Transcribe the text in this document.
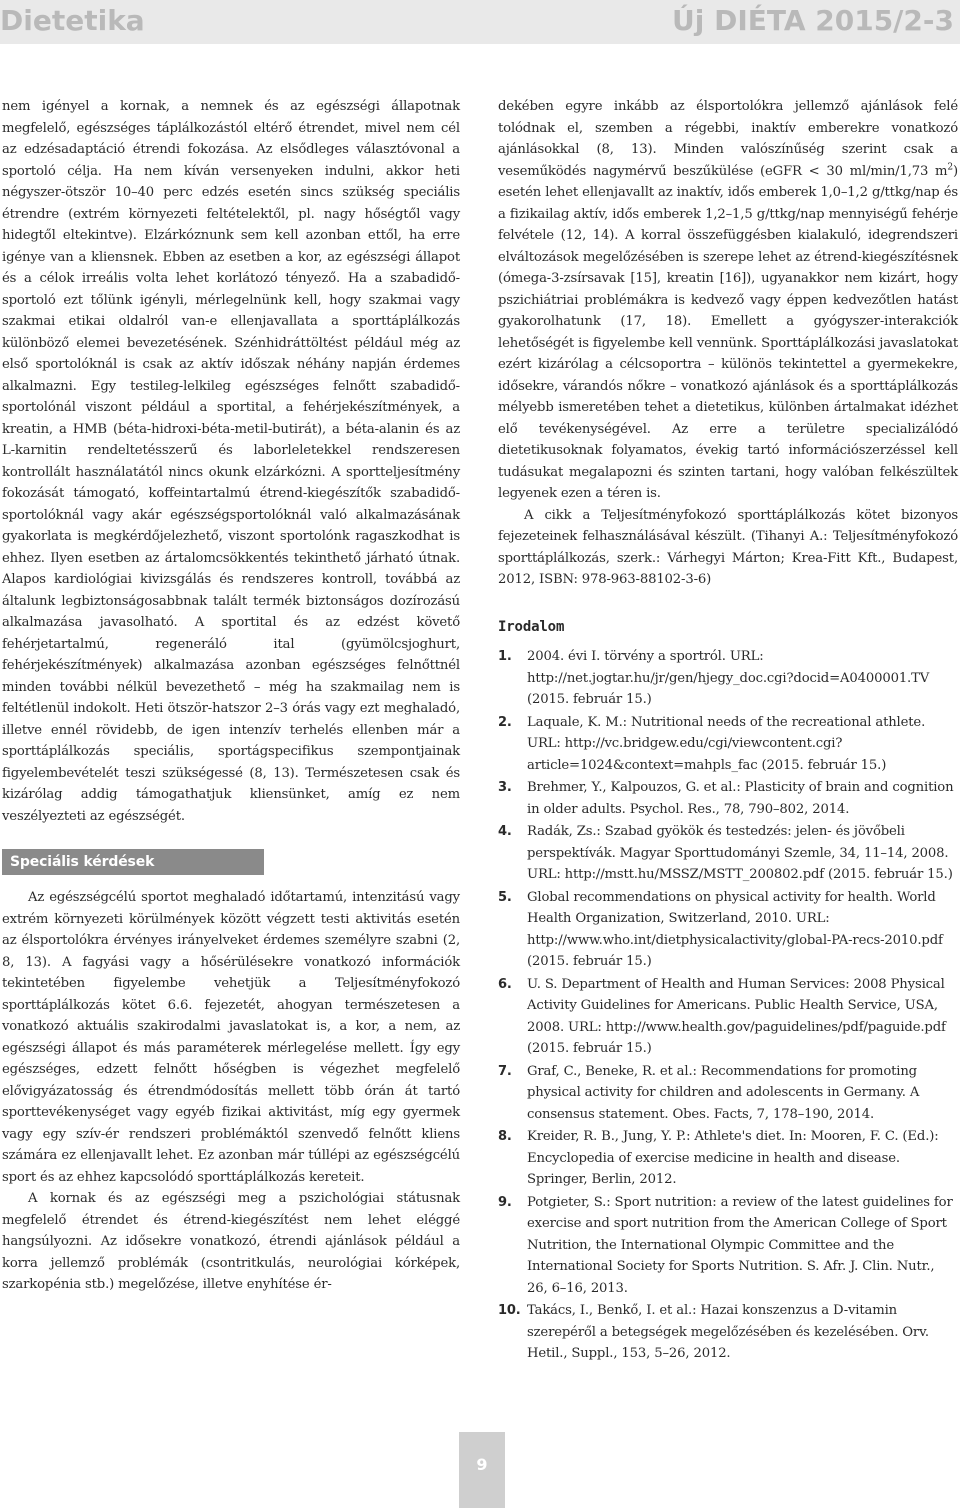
Dietetika	Új DIÉTA 2015/2-3

nem igényel a kornak, a nemnek és az egészségi állapotnak megfelelő, egészséges táplálkozástól eltérő étrendet, mivel nem cél az edzésadaptáció étrendi fokozása. Az elsődleges választóvonal a sportoló célja. Ha nem kíván versenyeken indulni, akkor heti négyszer-ötször 10–40 perc edzés esetén sincs szükség speciális étrendre (extrém környezeti feltételektől, pl. nagy hőségtől vagy hidegtől eltekintve). Elzárkóznunk sem kell azonban ettől, ha erre igénye van a kliensnek. Ebben az esetben a kor, az egészségi állapot és a célok irreális volta lehet korlátozó tényező. Ha a szabadidő-sportoló ezt tőlünk igényli, mérlegelnünk kell, hogy szakmai vagy szakmai etikai oldalról van-e ellenjavallata a sporttáplálkozás különböző elemei bevezetésének. Szénhidráttöltést például még az első sportolóknál is csak az aktív időszak néhány napján érdemes alkalmazni. Egy testileg-lelkileg egészséges felnőtt szabadidő-sportolónál viszont például a sportital, a fehérjekészítmények, a kreatin, a HMB (béta-hidroxi-béta-metil-butirát), a béta-alanin és az L-karnitin rendeltetésszerű és laborleletekkel rendszeresen kontrollált használatától nincs okunk elzárkózni. A sportteljesítmény fokozását támogató, koffeintartalmú étrend-kiegészítők szabadidő-sportolóknál vagy akár egészségsportolóknál való alkalmazásának gyakorlata is megkérdőjelezhető, viszont sportolónk ragaszkodhat is ehhez. Ilyen esetben az ártalomcsökkentés tekinthető járható útnak. Alapos kardiológiai kivizsgálás és rendszeres kontroll, továbbá az általunk legbiztonságosabbnak talált termék biztonságos dozírozású alkalmazása javasolható. A sportital és az edzést követő fehérjetartalmú, regeneráló ital (gyümölcsjoghurt, fehérjekészítmények) alkalmazása azonban egészséges felnőttnél minden további nélkül bevezethető – még ha szakmailag nem is feltétlenül indokolt. Heti ötször-hatszor 2–3 órás vagy ezt meghaladó, illetve ennél rövidebb, de igen intenzív terhelés ellenben már a sporttáplálkozás speciális, sportágspecifikus szempontjainak figyelembevételét teszi szükségessé (8, 13). Természetesen csak és kizárólag addig támogathatjuk kliensünket, amíg ez nem veszélyezteti az egészségét.

Speciális kérdések

Az egészségcélú sportot meghaladó időtartamú, intenzitású vagy extrém környezeti körülmények között végzett testi aktivitás esetén az élsportolókra érvényes irányelveket érdemes személyre szabni (2, 8, 13). A fagyási vagy a hősérülésekre vonatkozó információk tekintetében figyelembe vehetjük a Teljesítményfokozó sporttáplálkozás kötet 6.6. fejezetét, ahogyan természetesen a vonatkozó aktuális szakirodalmi javaslatokat is, a kor, a nem, az egészségi állapot és más paraméterek mérlegelése mellett. Így egy egészséges, edzett felnőtt hőségben is végezhet megfelelő elővigyázatosság és étrendmódosítás mellett több órán át tartó sporttevékenységet vagy egyéb fizikai aktivitást, míg egy gyermek vagy egy szív-ér rendszeri problémáktól szenvedő felnőtt kliens számára ez ellenjavallt lehet. Ez azonban már túllépi az egészségcélú sport és az ehhez kapcsolódó sporttáplálkozás kereteit.

A kornak és az egészségi meg a pszichológiai státusnak megfelelő étrendet és étrend-kiegészítést nem lehet eléggé hangsúlyozni. Az idősekre vonatkozó, étrendi ajánlások például a korra jellemző problémák (csontritkulás, neurológiai kórképek, szarkopénia stb.) megelőzése, illetve enyhítése ér-

dekében egyre inkább az élsportolókra jellemző ajánlások felé tolódnak el, szemben a régebbi, inaktív emberekre vonatkozó ajánlásokkal (8, 13). Minden valószínűség szerint csak a veseműködés nagymérvű beszűkülése (eGFR < 30 ml/min/1,73 $m^2$) esetén lehet ellenjavallt az inaktív, idős emberek 1,0–1,2 g/ttkg/nap és a fizikailag aktív, idős emberek 1,2–1,5 g/ttkg/nap mennyiségű fehérje felvétele (12, 14). A korral összefüggésben kialakuló, idegrendszeri elváltozások megelőzésében is szerepe lehet az étrend-kiegészítésnek (ómega-3-zsírsavak [15], kreatin [16]), ugyanakkor nem kizárt, hogy pszichiátriai problémákra is kedvező vagy éppen kedvezőtlen hatást gyakorolhatunk (17, 18). Emellett a gyógyszer-interakciók lehetőségét is figyelembe kell vennünk. Sporttáplálkozási javaslatokat ezért kizárólag a célcsoportra – különös tekintettel a gyermekekre, idősekre, várandós nőkre – vonatkozó ajánlások és a sporttáplálkozás mélyebb ismeretében tehet a dietetikus, különben ártalmakat idézhet elő tevékenységével. Az erre a területre specializálódó dietetikusoknak folyamatos, évekig tartó információszerzéssel kell tudásukat megalapozni és szinten tartani, hogy valóban felkészültek legyenek ezen a téren is.

A cikk a Teljesítményfokozó sporttáplálkozás kötet bizonyos fejezeteinek felhasználásával készült. (Tihanyi A.: Teljesítményfokozó sporttáplálkozás, szerk.: Várhegyi Márton; Krea-Fitt Kft., Budapest, 2012, ISBN: 978-963-88102-3-6)

Irodalom
1. 2004. évi I. törvény a sportról. URL: http://net.jogtar.hu/jr/gen/hjegy_doc.cgi?docid=A0400001.TV (2015. február 15.)
2. Laquale, K. M.: Nutritional needs of the recreational athlete. URL: http://vc.bridgew.edu/cgi/viewcontent.cgi?article=1024&context=mahpls_fac (2015. február 15.)
3. Brehmer, Y., Kalpouzos, G. et al.: Plasticity of brain and cognition in older adults. Psychol. Res., 78, 790–802, 2014.
4. Radák, Zs.: Szabad gyökök és testedzés: jelen- és jövőbeli perspektívák. Magyar Sporttudományi Szemle, 34, 11–14, 2008. URL: http://mstt.hu/MSSZ/MSTT_200802.pdf (2015. február 15.)
5. Global recommendations on physical activity for health. World Health Organization, Switzerland, 2010. URL: http://www.who.int/dietphysicalactivity/global-PA-recs-2010.pdf (2015. február 15.)
6. U. S. Department of Health and Human Services: 2008 Physical Activity Guidelines for Americans. Public Health Service, USA, 2008. URL: http://www.health.gov/paguidelines/pdf/paguide.pdf (2015. február 15.)
7. Graf, C., Beneke, R. et al.: Recommendations for promoting physical activity for children and adolescents in Germany. A consensus statement. Obes. Facts, 7, 178–190, 2014.
8. Kreider, R. B., Jung, Y. P.: Athlete's diet. In: Mooren, F. C. (Ed.): Encyclopedia of exercise medicine in health and disease. Springer, Berlin, 2012.
9. Potgieter, S.: Sport nutrition: a review of the latest guidelines for exercise and sport nutrition from the American College of Sport Nutrition, the International Olympic Committee and the International Society for Sports Nutrition. S. Afr. J. Clin. Nutr., 26, 6–16, 2013.
10. Takács, I., Benkő, I. et al.: Hazai konszenzus a D-vitamin szerepéről a betegségek megelőzésében és kezelésében. Orv. Hetil., Suppl., 153, 5–26, 2012.
9
